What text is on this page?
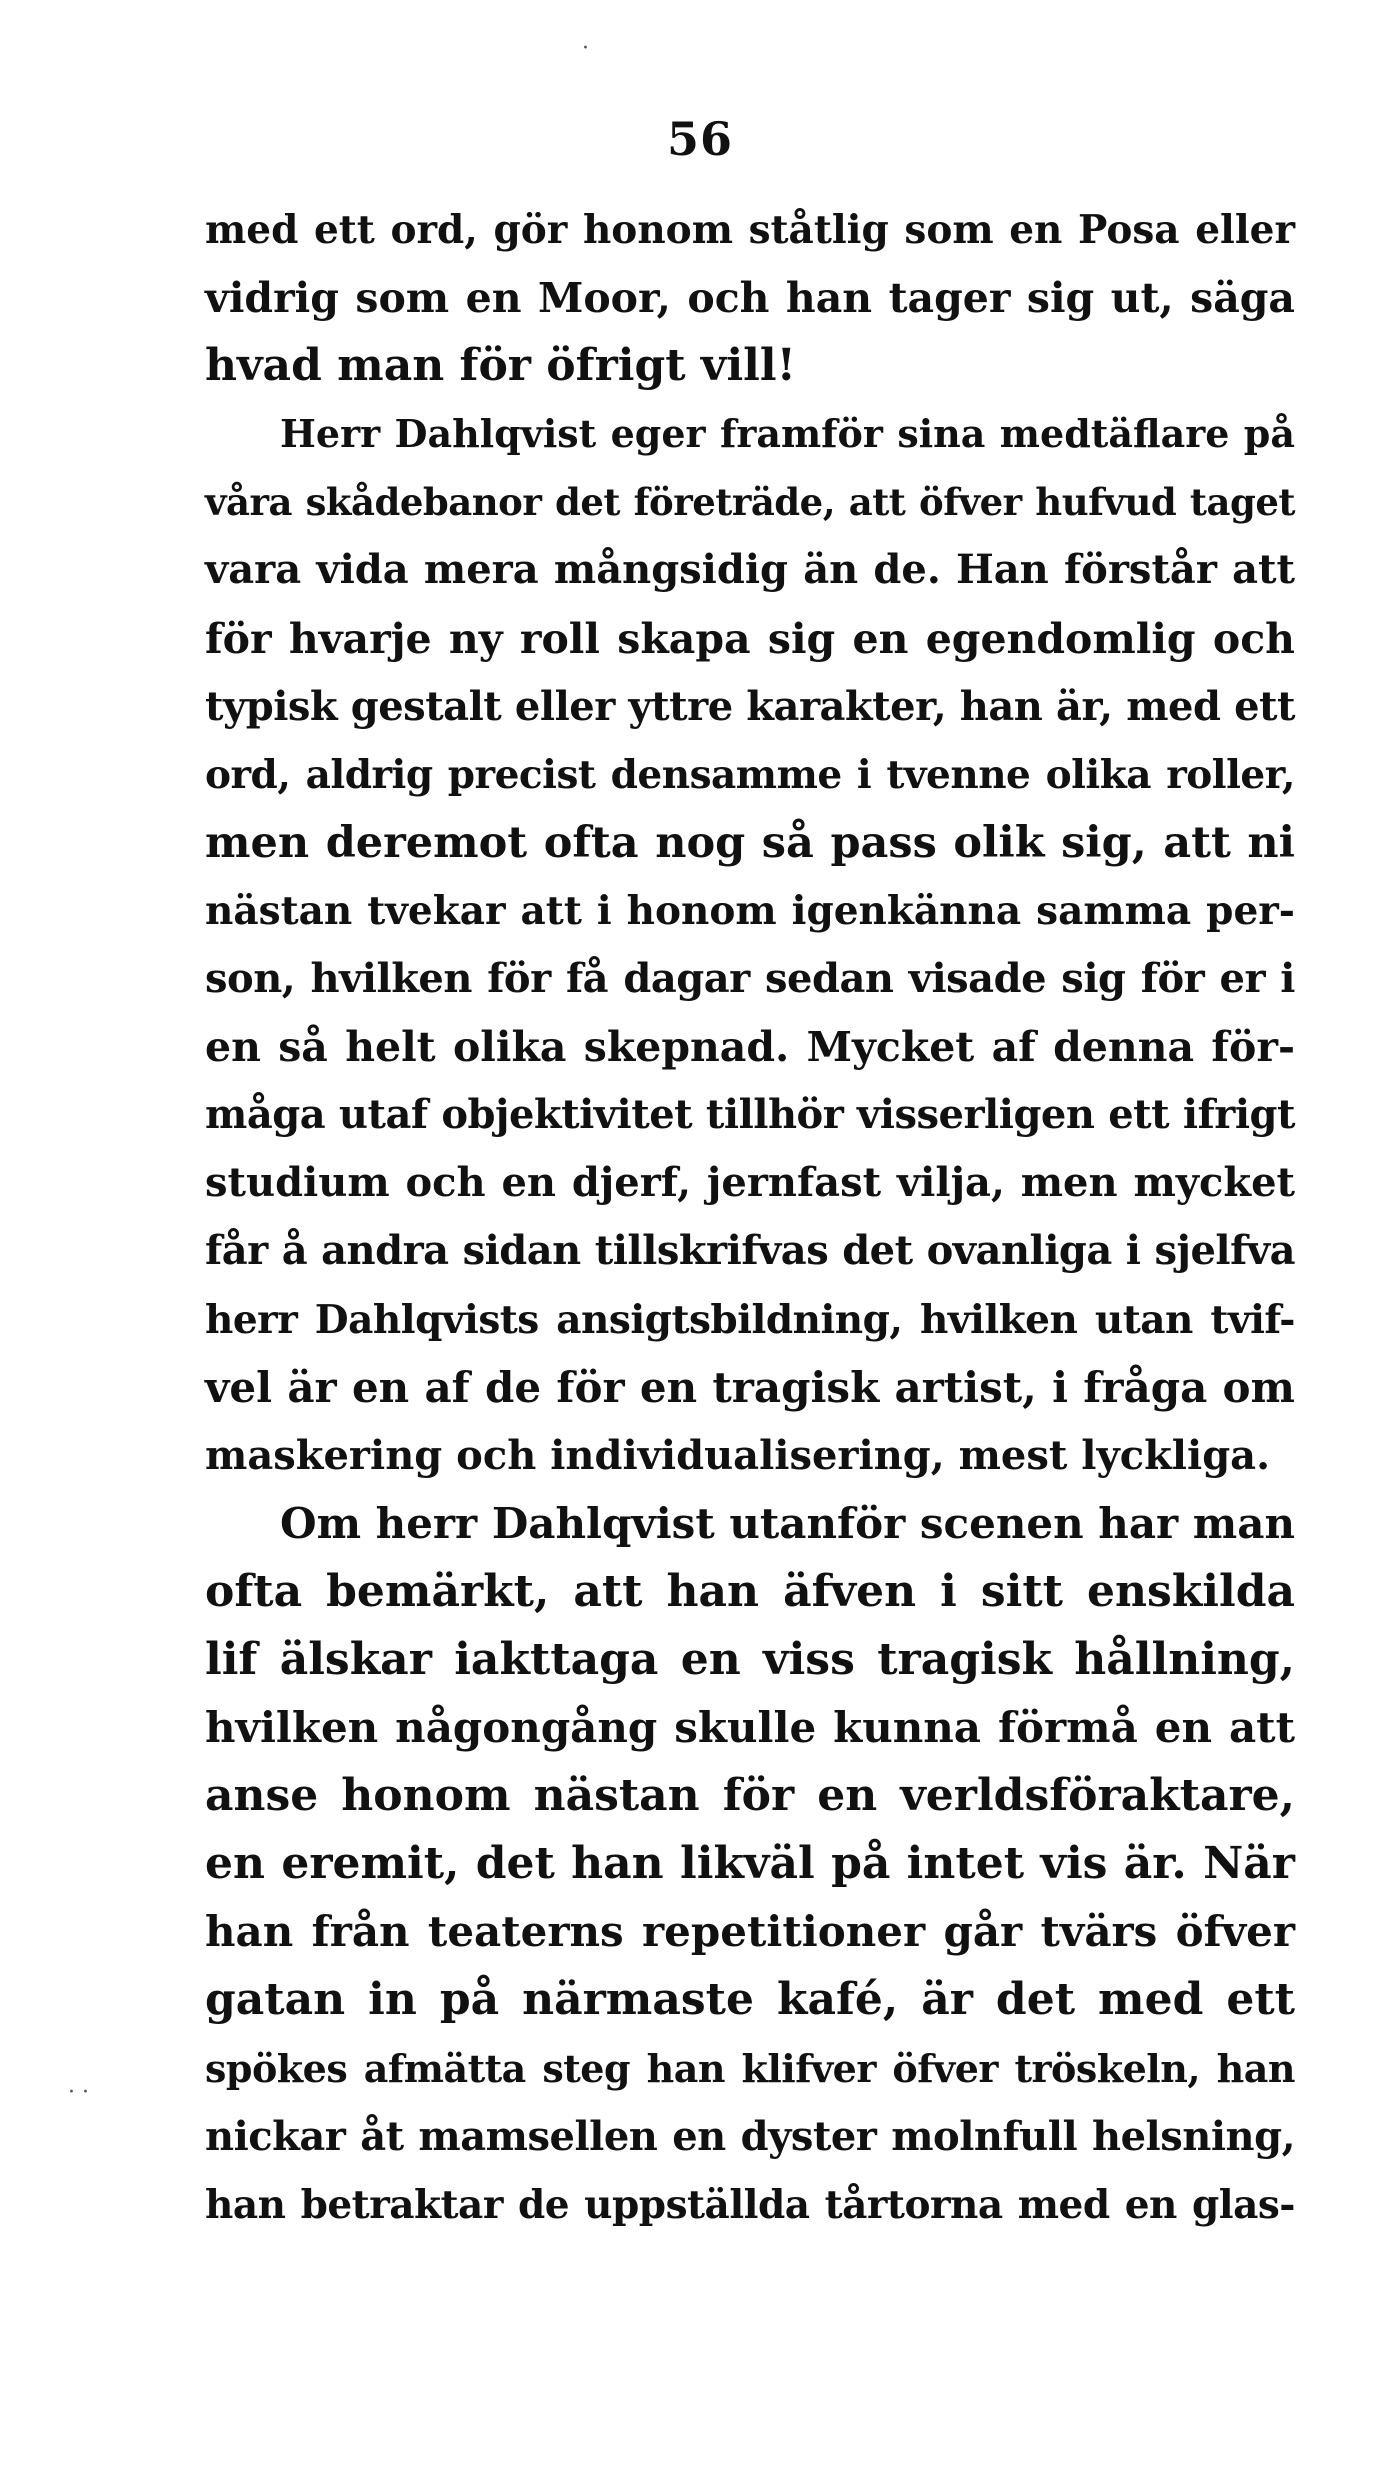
56
med ett ord, gör honom ståtlig som en Posa eller
vidrig som en Moor, och han tager sig ut, säga
hvad man för öfrigt vill!
Herr Dahlqvist eger framför sina medtäflare på
våra skådebanor det företräde, att öfver hufvud taget
vara vida mera mångsidig än de. Han förstår att
för hvarje ny roll skapa sig en egendomlig och
typisk gestalt eller yttre karakter, han är, med ett
ord, aldrig precist densamme i tvenne olika roller,
men deremot ofta nog så pass olik sig, att ni
nästan tvekar att i honom igenkänna samma per-
son, hvilken för få dagar sedan visade sig för er i
en så helt olika skepnad. Mycket af denna för-
måga utaf objektivitet tillhör visserligen ett ifrigt
studium och en djerf, jernfast vilja, men mycket
får å andra sidan tillskrifvas det ovanliga i sjelfva
herr Dahlqvists ansigtsbildning, hvilken utan tvif-
vel är en af de för en tragisk artist, i fråga om
maskering och individualisering, mest lyckliga.
Om herr Dahlqvist utanför scenen har man
ofta bemärkt, att han äfven i sitt enskilda
lif älskar iakttaga en viss tragisk hållning,
hvilken någongång skulle kunna förmå en att
anse honom nästan för en verldsföraktare,
en eremit, det han likväl på intet vis är. När
han från teaterns repetitioner går tvärs öfver
gatan in på närmaste kafé, är det med ett
spökes afmätta steg han klifver öfver tröskeln, han
nickar åt mamsellen en dyster molnfull helsning,
han betraktar de uppställda tårtorna med en glas-
·
· ·
